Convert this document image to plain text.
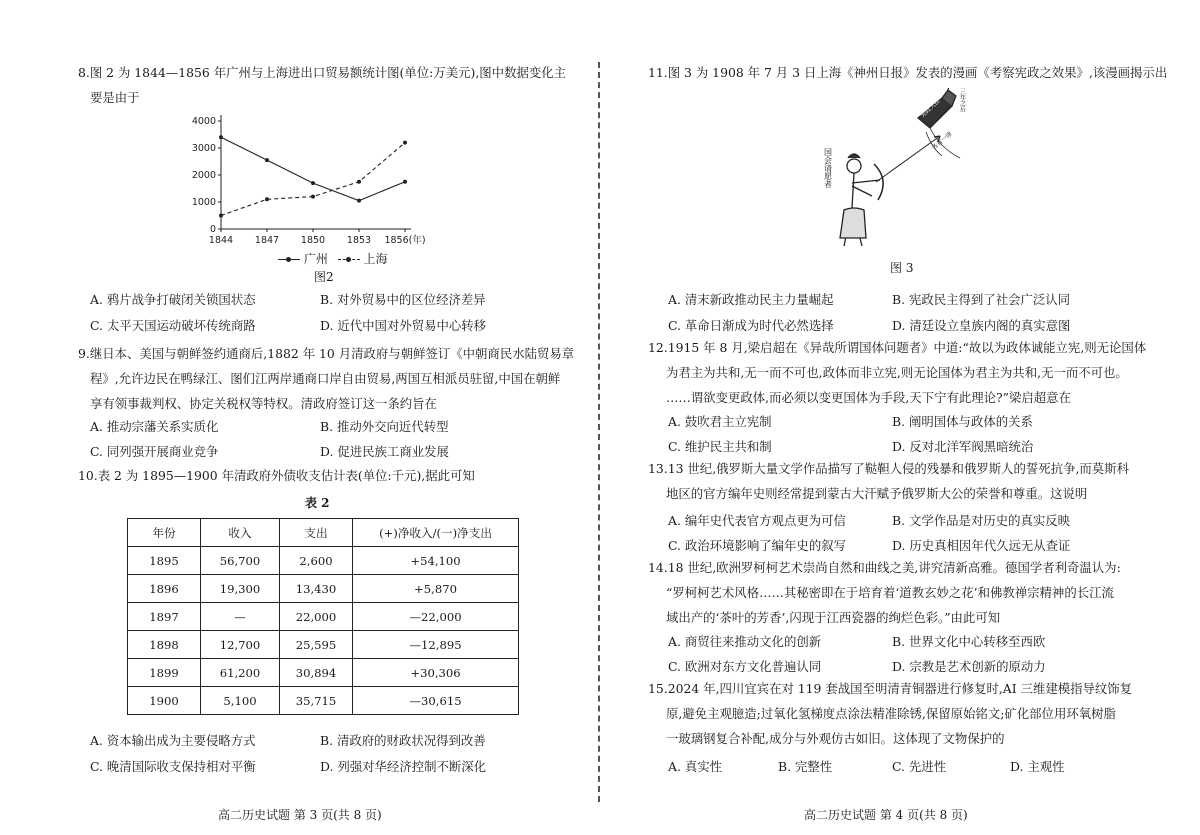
8.图 2 为 1844—1856 年广州与上海进出口贸易额统计图(单位:万美元),图中数据变化主
要是由于
0
1000
2000
3000
4000
1844 1847 1850 1853 1856(年)
广州	上海
图2
A. 鸦片战争打破闭关锁国状态	B. 对外贸易中的区位经济差异
C. 太平天国运动破坏传统商路	D. 近代中国对外贸易中心转移
9.继日本、美国与朝鲜签约通商后,1882 年 10 月清政府与朝鲜签订《中朝商民水陆贸易章
程》,允许边民在鸭绿江、图们江两岸通商口岸自由贸易,两国互相派员驻留,中国在朝鲜
享有领事裁判权、协定关税权等特权。清政府签订这一条约旨在
A. 推动宗藩关系实质化	B. 推动外交向近代转型
C. 同列强开展商业竞争	D. 促进民族工商业发展
10.表 2 为 1895—1900 年清政府外债收支估计表(单位:千元),据此可知
表 2
年份	收入	支出	(+)净收入/(一)净支出
1895	56,700	2,600	+54,100
1896	19,300	13,430	+5,870
1897	—	22,000	—22,000
1898	12,700	25,595	—12,895
1899	61,200	30,894	+30,306
1900	5,100	35,715	—30,615
A. 资本输出成为主要侵略方式	B. 清政府的财政状况得到改善
C. 晚清国际收支保持相对平衡	D. 列强对华经济控制不断深化
高二历史试题 第 3 页(共 8 页)
11.图 3 为 1908 年 7 月 3 日上海《神州日报》发表的漫画《考察宪政之效果》,该漫画揭示出
国会请愿者
宪政大臣	三年之后
各省一律
图 3
A. 清末新政推动民主力量崛起	B. 宪政民主得到了社会广泛认同
C. 革命日渐成为时代必然选择	D. 清廷设立皇族内阁的真实意图
12.1915 年 8 月,梁启超在《异哉所谓国体问题者》中道:“故以为政体诚能立宪,则无论国体
为君主为共和,无一而不可也,政体而非立宪,则无论国体为君主为共和,无一而不可也。
……谓欲变更政体,而必须以变更国体为手段,天下宁有此理论?”梁启超意在
A. 鼓吹君主立宪制	B. 阐明国体与政体的关系
C. 维护民主共和制	D. 反对北洋军阀黑暗统治
13.13 世纪,俄罗斯大量文学作品描写了鞑靼人侵的残暴和俄罗斯人的誓死抗争,而莫斯科
地区的官方编年史则经常提到蒙古大汗赋予俄罗斯大公的荣誉和尊重。这说明
A. 编年史代表官方观点更为可信	B. 文学作品是对历史的真实反映
C. 政治环境影响了编年史的叙写	D. 历史真相因年代久远无从查证
14.18 世纪,欧洲罗柯柯艺术崇尚自然和曲线之美,讲究清新高雅。德国学者利奇温认为:
“罗柯柯艺术风格……其秘密即在于培育着‘道教玄妙之花’和佛教禅宗精神的长江流
域出产的‘茶叶的芳香’,闪现于江西瓷器的绚烂色彩。”由此可知
A. 商贸往来推动文化的创新	B. 世界文化中心转移至西欧
C. 欧洲对东方文化普遍认同	D. 宗教是艺术创新的原动力
15.2024 年,四川宜宾在对 119 套战国至明清青铜器进行修复时,AI 三维建模指导纹饰复
原,避免主观臆造;过氧化氢梯度点涂法精准除锈,保留原始铭文;矿化部位用环氧树脂
一玻璃钢复合补配,成分与外观仿古如旧。这体现了文物保护的
A. 真实性	B. 完整性	C. 先进性	D. 主观性
高二历史试题 第 4 页(共 8 页)
